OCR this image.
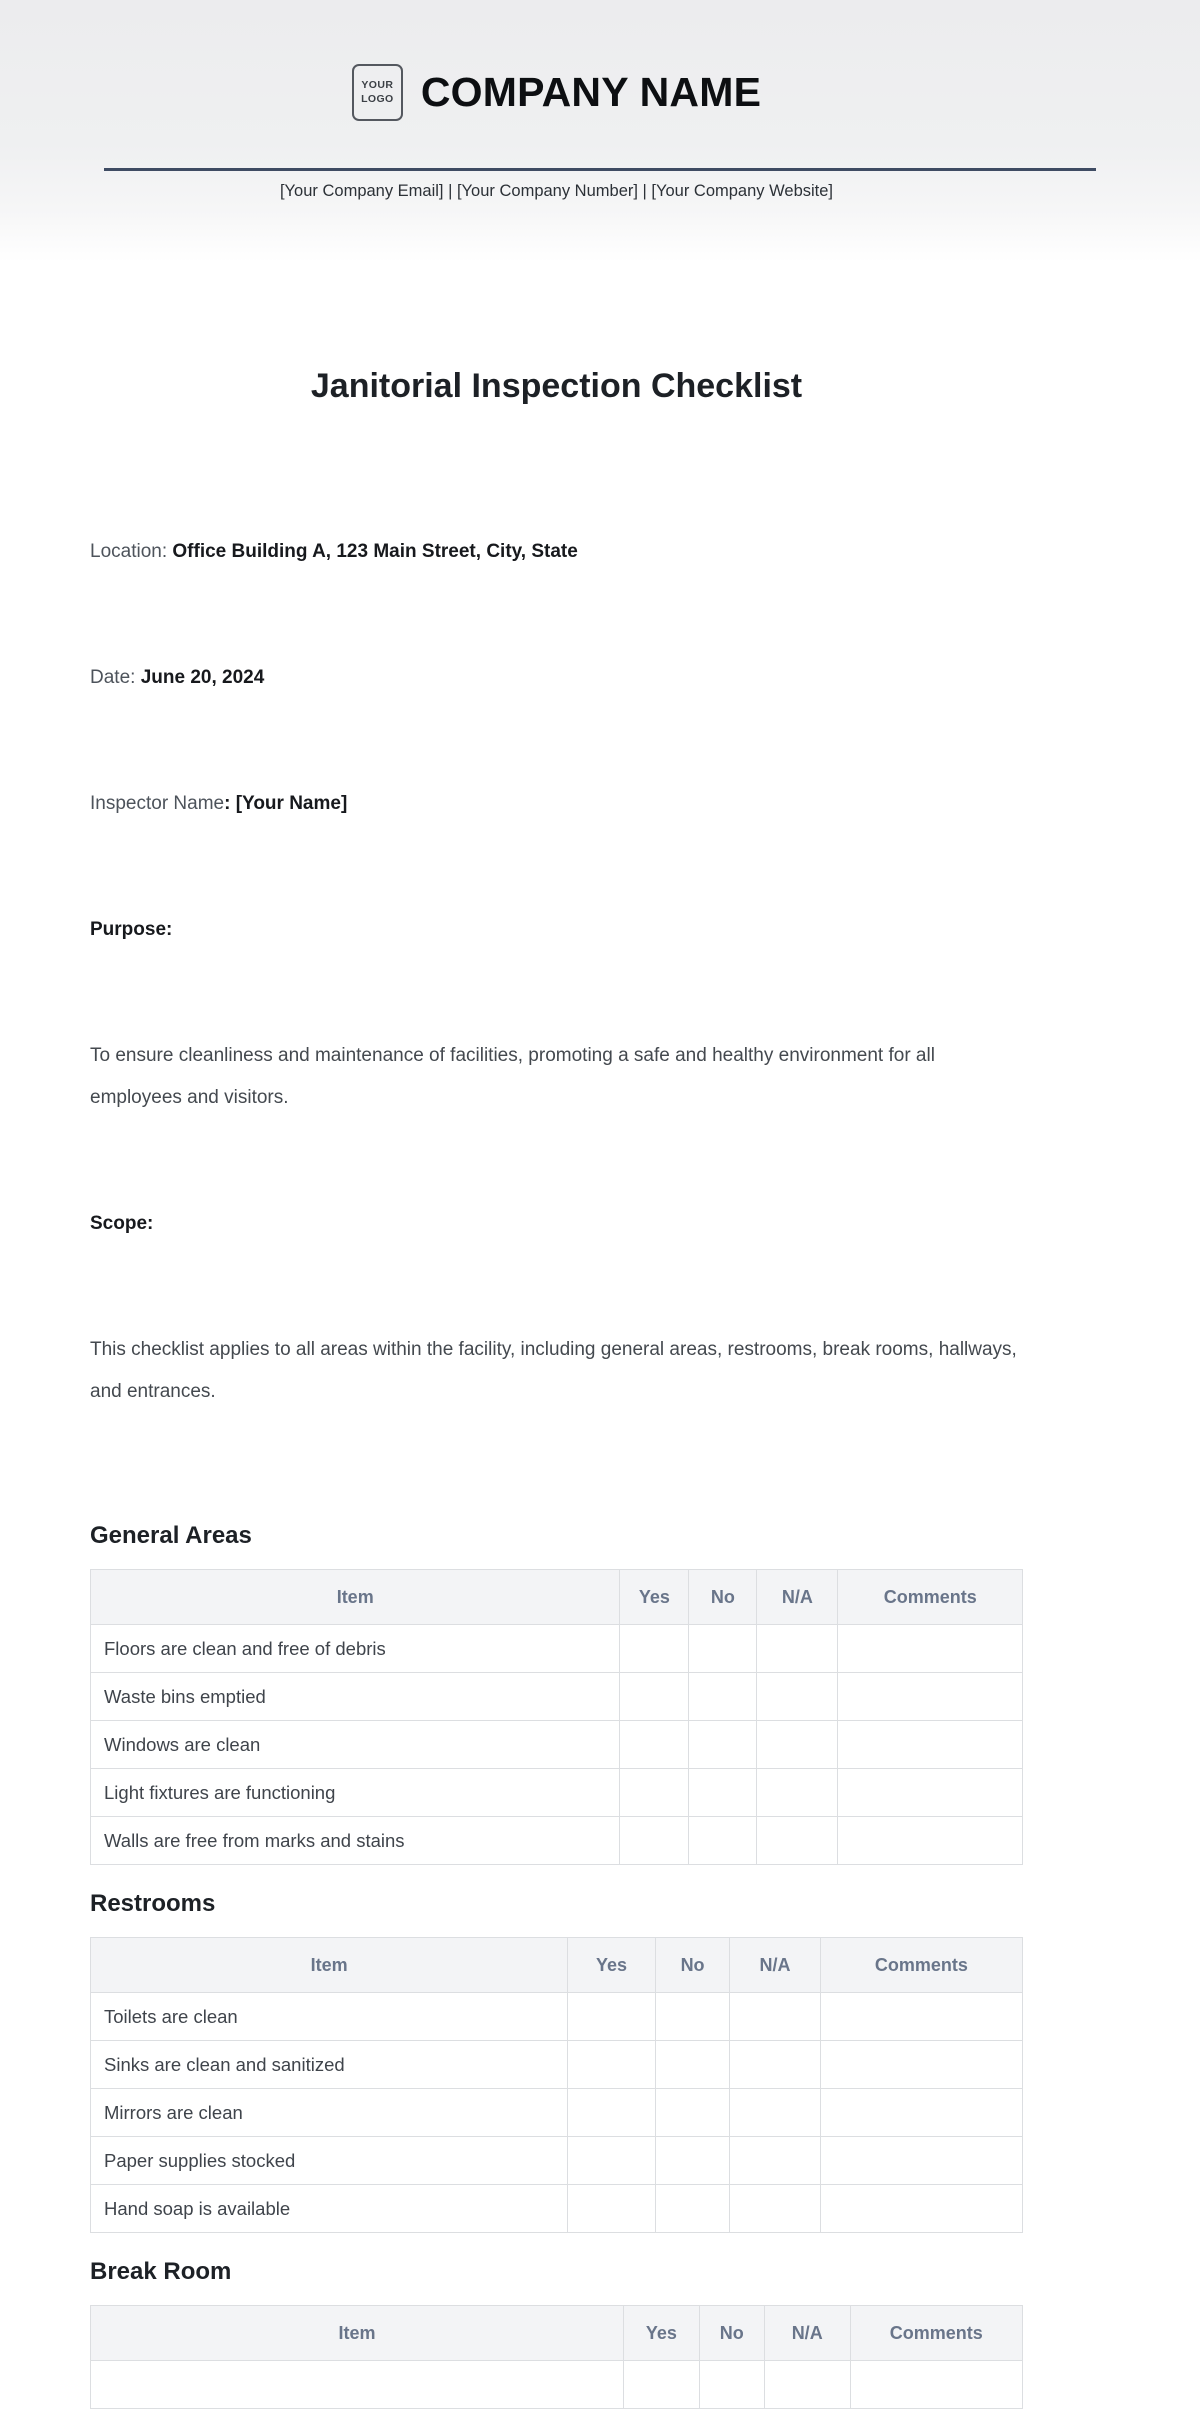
YOUR
LOGO COMPANY NAME
[Your Company Email] | [Your Company Number] | [Your Company Website]
Janitorial Inspection Checklist

Location: Office Building A, 123 Main Street, City, State

Date: June 20, 2024

Inspector Name: [Your Name]

Purpose:

To ensure cleanliness and maintenance of facilities, promoting a safe and healthy environment for all employees and visitors.

Scope:

This checklist applies to all areas within the facility, including general areas, restrooms, break rooms, hallways, and entrances.

General Areas
Item	Yes	No	N/A	Comments
Floors are clean and free of debris				
Waste bins emptied				
Windows are clean				
Light fixtures are functioning				
Walls are free from marks and stains				
Restrooms
Item	Yes	No	N/A	Comments
Toilets are clean				
Sinks are clean and sanitized				
Mirrors are clean				
Paper supplies stocked				
Hand soap is available				
Break Room
Item	Yes	No	N/A	Comments
